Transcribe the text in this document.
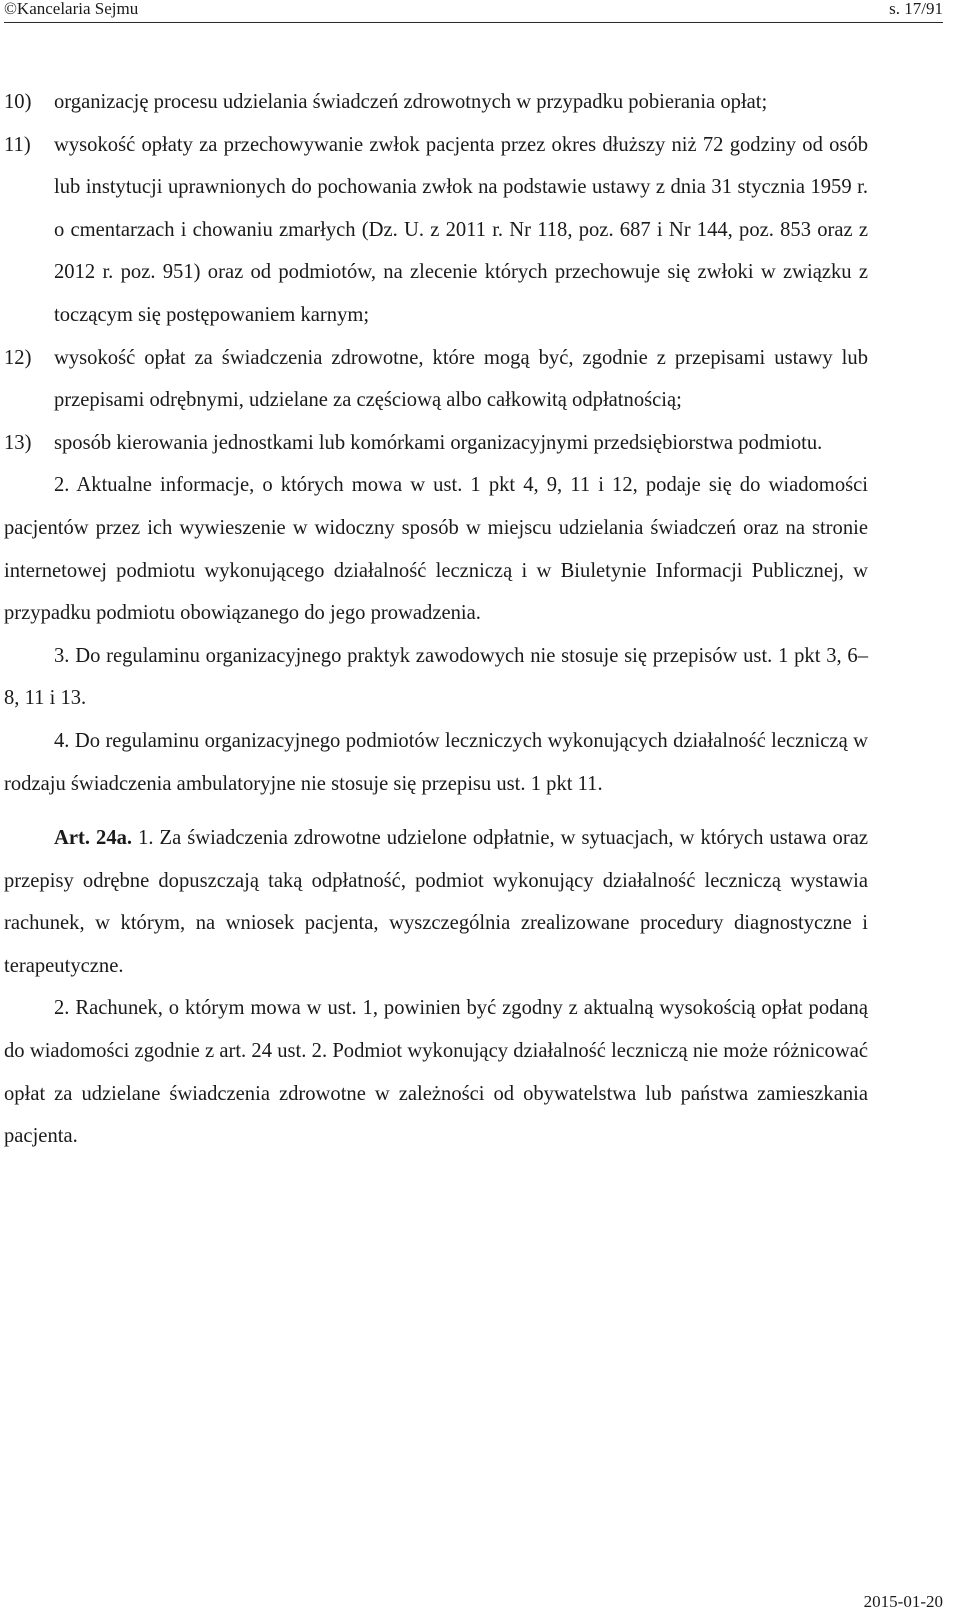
©Kancelaria Sejmu	s. 17/91

10) organizację procesu udzielania świadczeń zdrowotnych w przypadku pobierania opłat;

11) wysokość opłaty za przechowywanie zwłok pacjenta przez okres dłuższy niż 72 godziny od osób lub instytucji uprawnionych do pochowania zwłok na podstawie ustawy z dnia 31 stycznia 1959 r. o cmentarzach i chowaniu zmarłych (Dz. U. z 2011 r. Nr 118, poz. 687 i Nr 144, poz. 853 oraz z 2012 r. poz. 951) oraz od podmiotów, na zlecenie których przechowuje się zwłoki w związku z toczącym się postępowaniem karnym;

12) wysokość opłat za świadczenia zdrowotne, które mogą być, zgodnie z przepisami ustawy lub przepisami odrębnymi, udzielane za częściową albo całkowitą odpłatnością;

13) sposób kierowania jednostkami lub komórkami organizacyjnymi przedsiębiorstwa podmiotu.

2. Aktualne informacje, o których mowa w ust. 1 pkt 4, 9, 11 i 12, podaje się do wiadomości pacjentów przez ich wywieszenie w widoczny sposób w miejscu udzielania świadczeń oraz na stronie internetowej podmiotu wykonującego działalność leczniczą i w Biuletynie Informacji Publicznej, w przypadku podmiotu obowiązanego do jego prowadzenia.

3. Do regulaminu organizacyjnego praktyk zawodowych nie stosuje się przepisów ust. 1 pkt 3, 6–8, 11 i 13.

4. Do regulaminu organizacyjnego podmiotów leczniczych wykonujących działalność leczniczą w rodzaju świadczenia ambulatoryjne nie stosuje się przepisu ust. 1 pkt 11.

Art. 24a. 1. Za świadczenia zdrowotne udzielone odpłatnie, w sytuacjach, w których ustawa oraz przepisy odrębne dopuszczają taką odpłatność, podmiot wykonujący działalność leczniczą wystawia rachunek, w którym, na wniosek pacjenta, wyszczególnia zrealizowane procedury diagnostyczne i terapeutyczne.

2. Rachunek, o którym mowa w ust. 1, powinien być zgodny z aktualną wysokością opłat podaną do wiadomości zgodnie z art. 24 ust. 2. Podmiot wykonujący działalność leczniczą nie może różnicować opłat za udzielane świadczenia zdrowotne w zależności od obywatelstwa lub państwa zamieszkania pacjenta.

2015-01-20
